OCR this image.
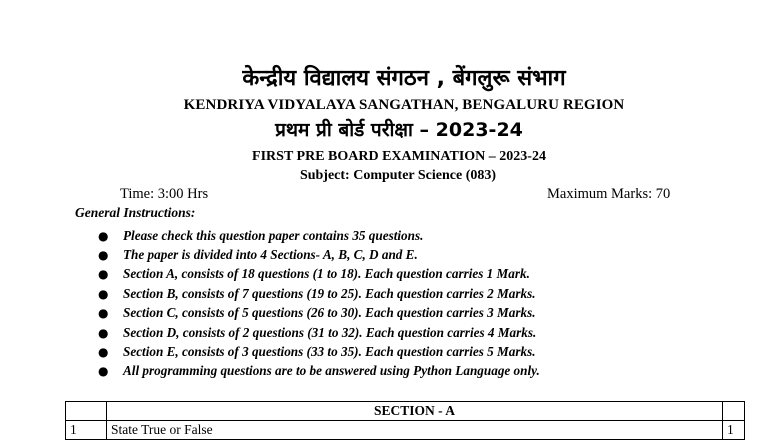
केन्द्रीय विद्यालय संगठन , बेंगलुरू संभाग
KENDRIYA VIDYALAYA SANGATHAN, BENGALURU REGION
प्रथम प्री बोर्ड परीक्षा – 2023-24
FIRST PRE BOARD EXAMINATION – 2023-24
Subject: Computer Science (083)
Time: 3:00 Hrs	Maximum Marks: 70
General Instructions:
●	Please check this question paper contains 35 questions.
●	The paper is divided into 4 Sections- A, B, C, D and E.
●	Section A, consists of 18 questions (1 to 18). Each question carries 1 Mark.
●	Section B, consists of 7 questions (19 to 25). Each question carries 2 Marks.
●	Section C, consists of 5 questions (26 to 30). Each question carries 3 Marks.
●	Section D, consists of 2 questions (31 to 32). Each question carries 4 Marks.
●	Section E, consists of 3 questions (33 to 35). Each question carries 5 Marks.
●	All programming questions are to be answered using Python Language only.
	SECTION - A	
1	State True or False	1
